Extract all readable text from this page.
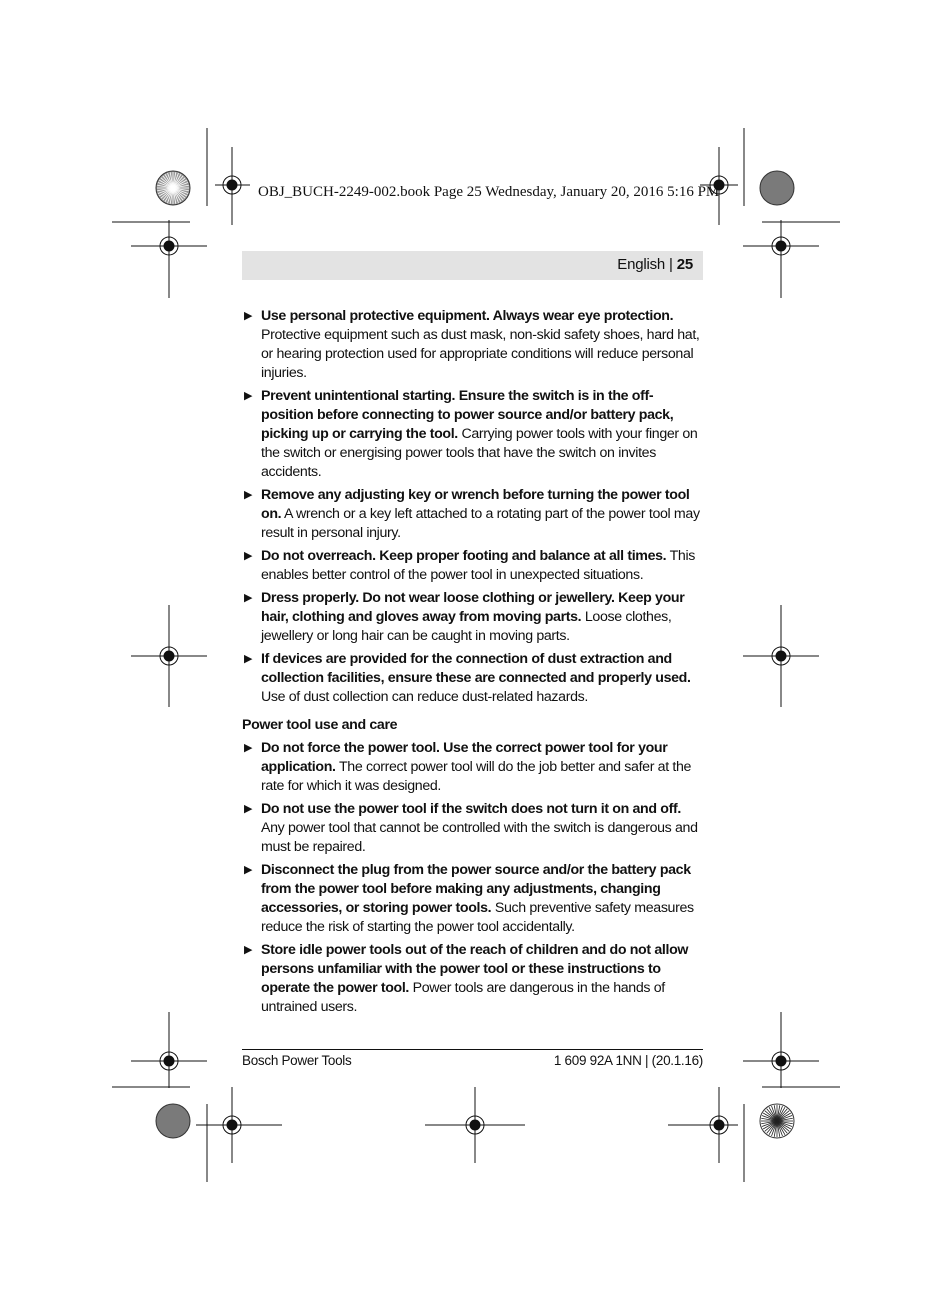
OBJ_BUCH-2249-002.book Page 25 Wednesday, January 20, 2016 5:16 PM
English | 25
▶ Use personal protective equipment. Always wear eye protection. Protective equipment such as dust mask, non-skid safety shoes, hard hat, or hearing protection used for appropriate conditions will reduce personal injuries.
▶ Prevent unintentional starting. Ensure the switch is in the off-position before connecting to power source and/or battery pack, picking up or carrying the tool. Carrying power tools with your finger on the switch or energising power tools that have the switch on invites accidents.
▶ Remove any adjusting key or wrench before turning the power tool on. A wrench or a key left attached to a rotating part of the power tool may result in personal injury.
▶ Do not overreach. Keep proper footing and balance at all times. This enables better control of the power tool in unexpected situations.
▶ Dress properly. Do not wear loose clothing or jewellery. Keep your hair, clothing and gloves away from moving parts. Loose clothes, jewellery or long hair can be caught in moving parts.
▶ If devices are provided for the connection of dust extraction and collection facilities, ensure these are connected and properly used. Use of dust collection can reduce dust-related hazards.
Power tool use and care
▶ Do not force the power tool. Use the correct power tool for your application. The correct power tool will do the job better and safer at the rate for which it was designed.
▶ Do not use the power tool if the switch does not turn it on and off. Any power tool that cannot be controlled with the switch is dangerous and must be repaired.
▶ Disconnect the plug from the power source and/or the battery pack from the power tool before making any adjustments, changing accessories, or storing power tools. Such preventive safety measures reduce the risk of starting the power tool accidentally.
▶ Store idle power tools out of the reach of children and do not allow persons unfamiliar with the power tool or these instructions to operate the power tool. Power tools are dangerous in the hands of untrained users.
Bosch Power Tools	1 609 92A 1NN | (20.1.16)
